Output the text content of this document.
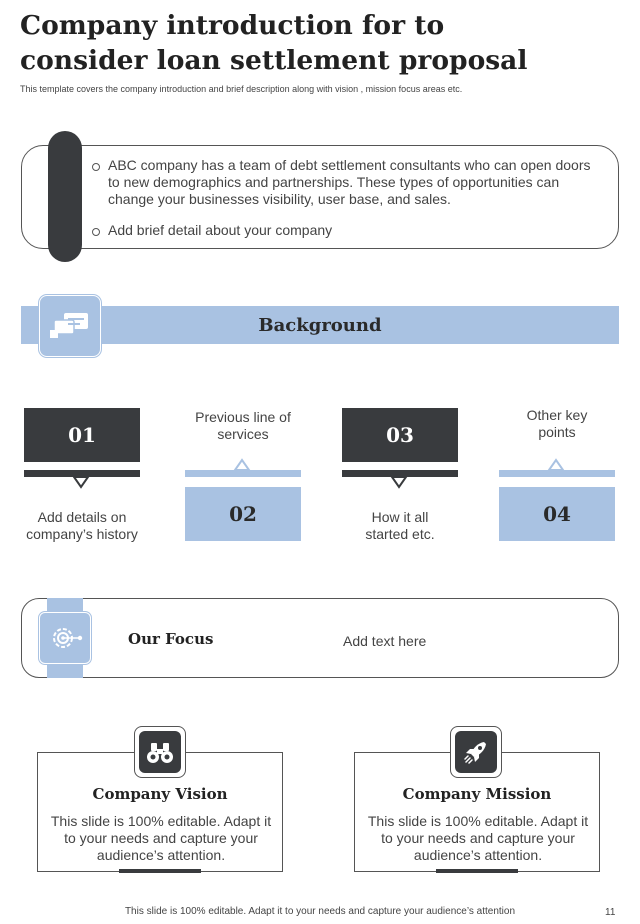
Company introduction for to consider loan settlement proposal
This template covers the company introduction and brief description along with vision , mission focus areas etc.
ABC company has a team of debt settlement consultants who can open doors to new demographics and partnerships. These types of opportunities can change your businesses visibility, user base, and sales.
Add brief detail about your company
Background
01
Add details on company’s history
Previous line of services
02
03
How it all started etc.
Other key points
04
Our Focus	Add text here
Company Vision
This slide is 100% editable. Adapt it to your needs and capture your audience’s attention.
Company Mission
This slide is 100% editable. Adapt it to your needs and capture your audience’s attention.
This slide is 100% editable. Adapt it to your needs and capture your audience’s attention	11
